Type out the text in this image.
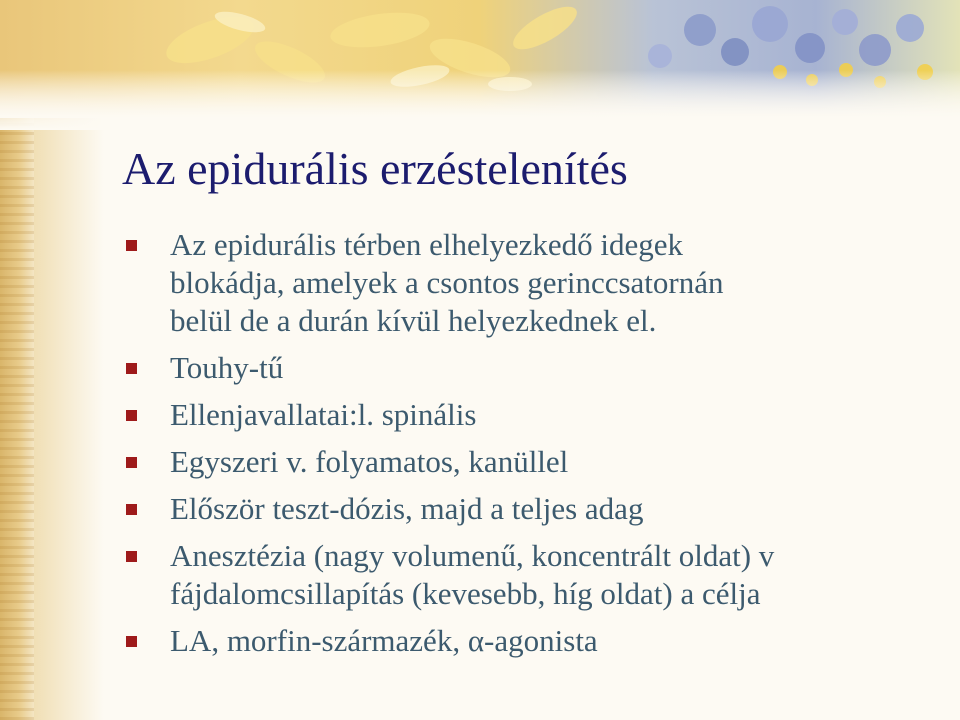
Az epidurális erzéstelenítés
Az epidurális térben elhelyezkedő idegek
blokádja, amelyek a csontos gerinccsatornán
belül de a durán kívül helyezkednek el.
Touhy-tű
Ellenjavallatai:l. spinális
Egyszeri v. folyamatos, kanüllel
Először teszt-dózis, majd a teljes adag
Anesztézia (nagy volumenű, koncentrált oldat) v
fájdalomcsillapítás (kevesebb, híg oldat) a célja
LA, morfin-származék, α-agonista
